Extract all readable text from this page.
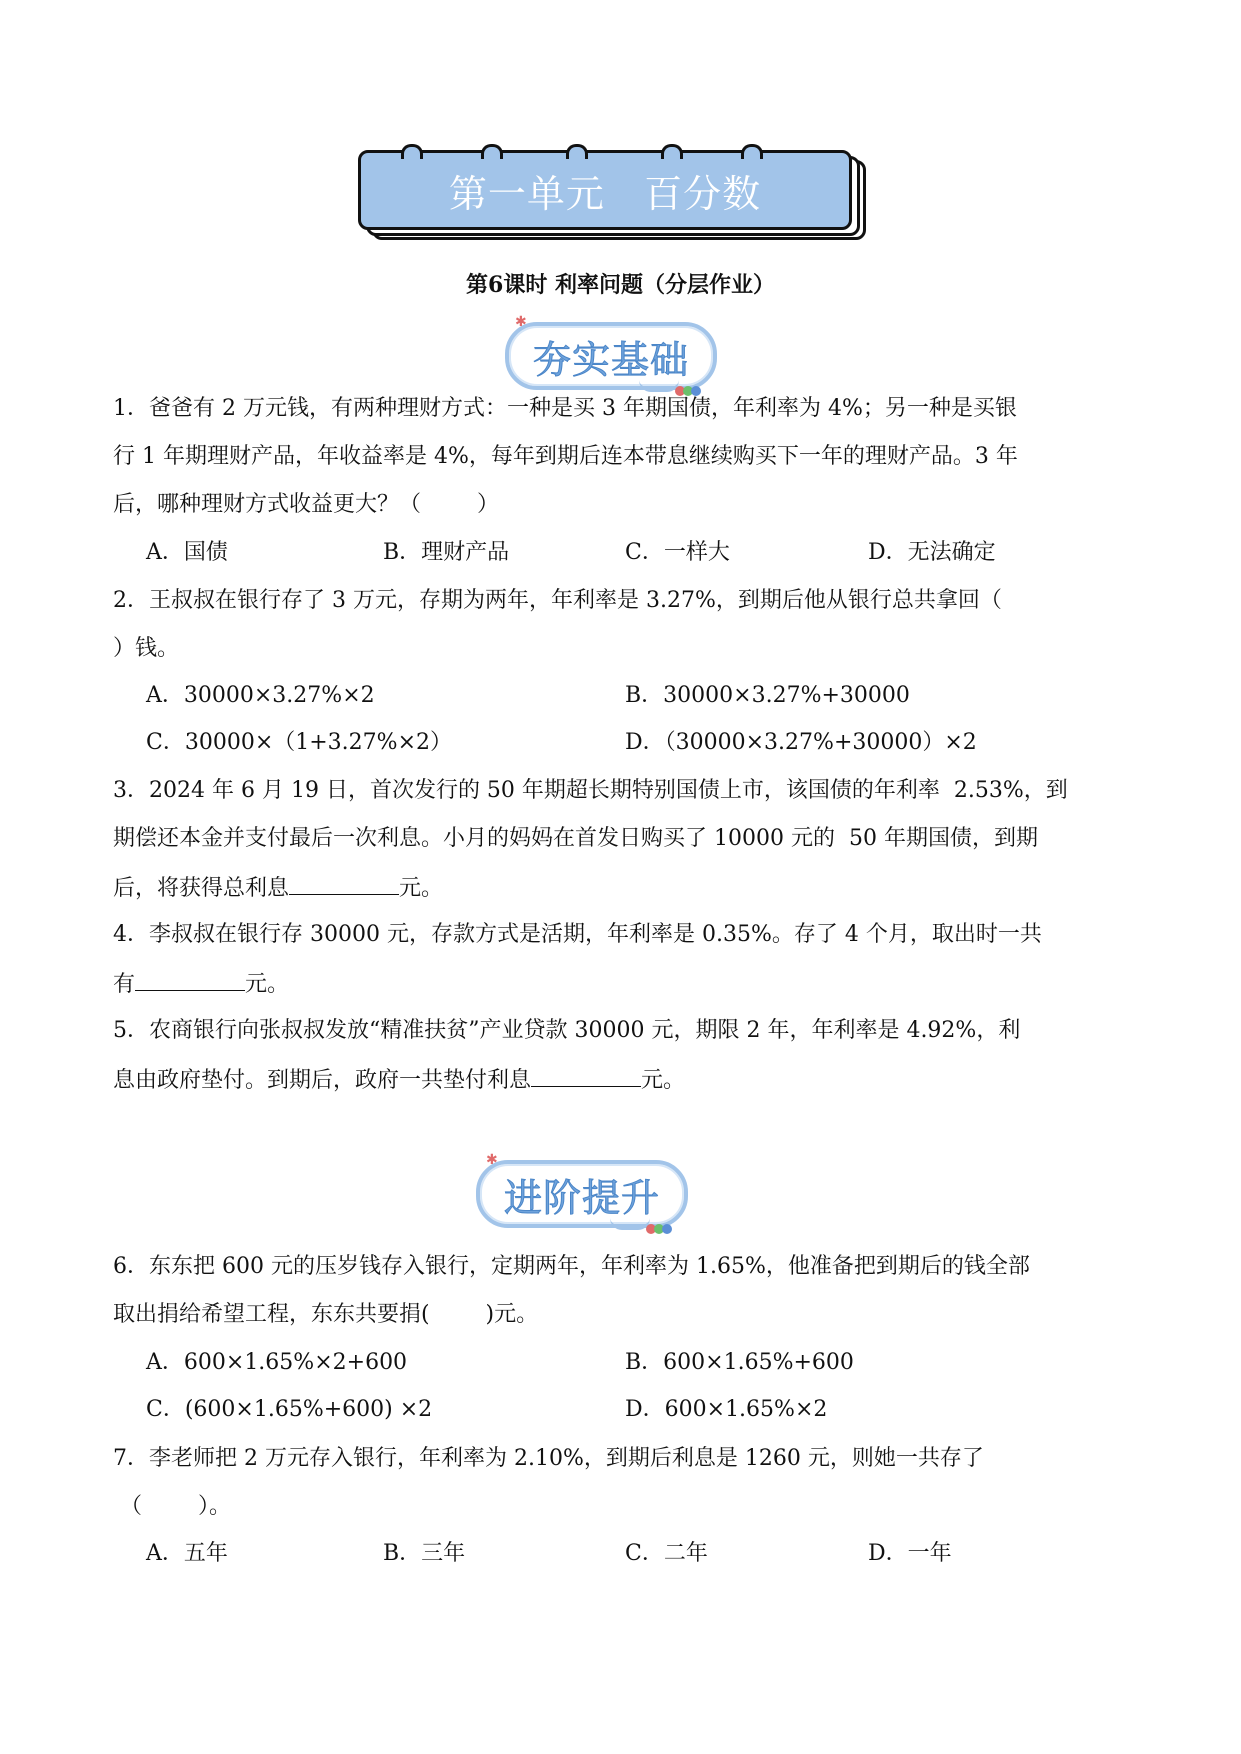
第一单元   百分数
第6课时 利率问题（分层作业）
✱
夯实基础
1．爸爸有 2 万元钱，有两种理财方式：一种是买 3 年期国债，年利率为 4%；另一种是买银
行 1 年期理财产品，年收益率是 4%，每年到期后连本带息继续购买下一年的理财产品。3 年
后，哪种理财方式收益更大？（        ）
A．国债	B．理财产品	C．一样大	D．无法确定
2．王叔叔在银行存了 3 万元，存期为两年，年利率是 3.27%，到期后他从银行总共拿回（
）钱。
A．30000×3.27%×2	B．30000×3.27%+30000
C．30000×（1+3.27%×2）	D．（30000×3.27%+30000）×2
3．2024 年 6 月 19 日，首次发行的 50 年期超长期特别国债上市，该国债的年利率  2.53%，到
期偿还本金并支付最后一次利息。小月的妈妈在首发日购买了 10000 元的  50 年期国债，到期
后，将获得总利息	元。
4．李叔叔在银行存 30000 元，存款方式是活期，年利率是 0.35%。存了 4 个月，取出时一共
有	元。
5．农商银行向张叔叔发放“精准扶贫”产业贷款 30000 元，期限 2 年，年利率是 4.92%，利
息由政府垫付。到期后，政府一共垫付利息	元。
✱
进阶提升
6．东东把 600 元的压岁钱存入银行，定期两年，年利率为 1.65%，他准备把到期后的钱全部
取出捐给希望工程，东东共要捐(        )元。
A．600×1.65%×2+600	B．600×1.65%+600
C．(600×1.65%+600) ×2	D．600×1.65%×2
7．李老师把 2 万元存入银行，年利率为 2.10%，到期后利息是 1260 元，则她一共存了
（        ）。
A．五年	B．三年	C．二年	D．一年
